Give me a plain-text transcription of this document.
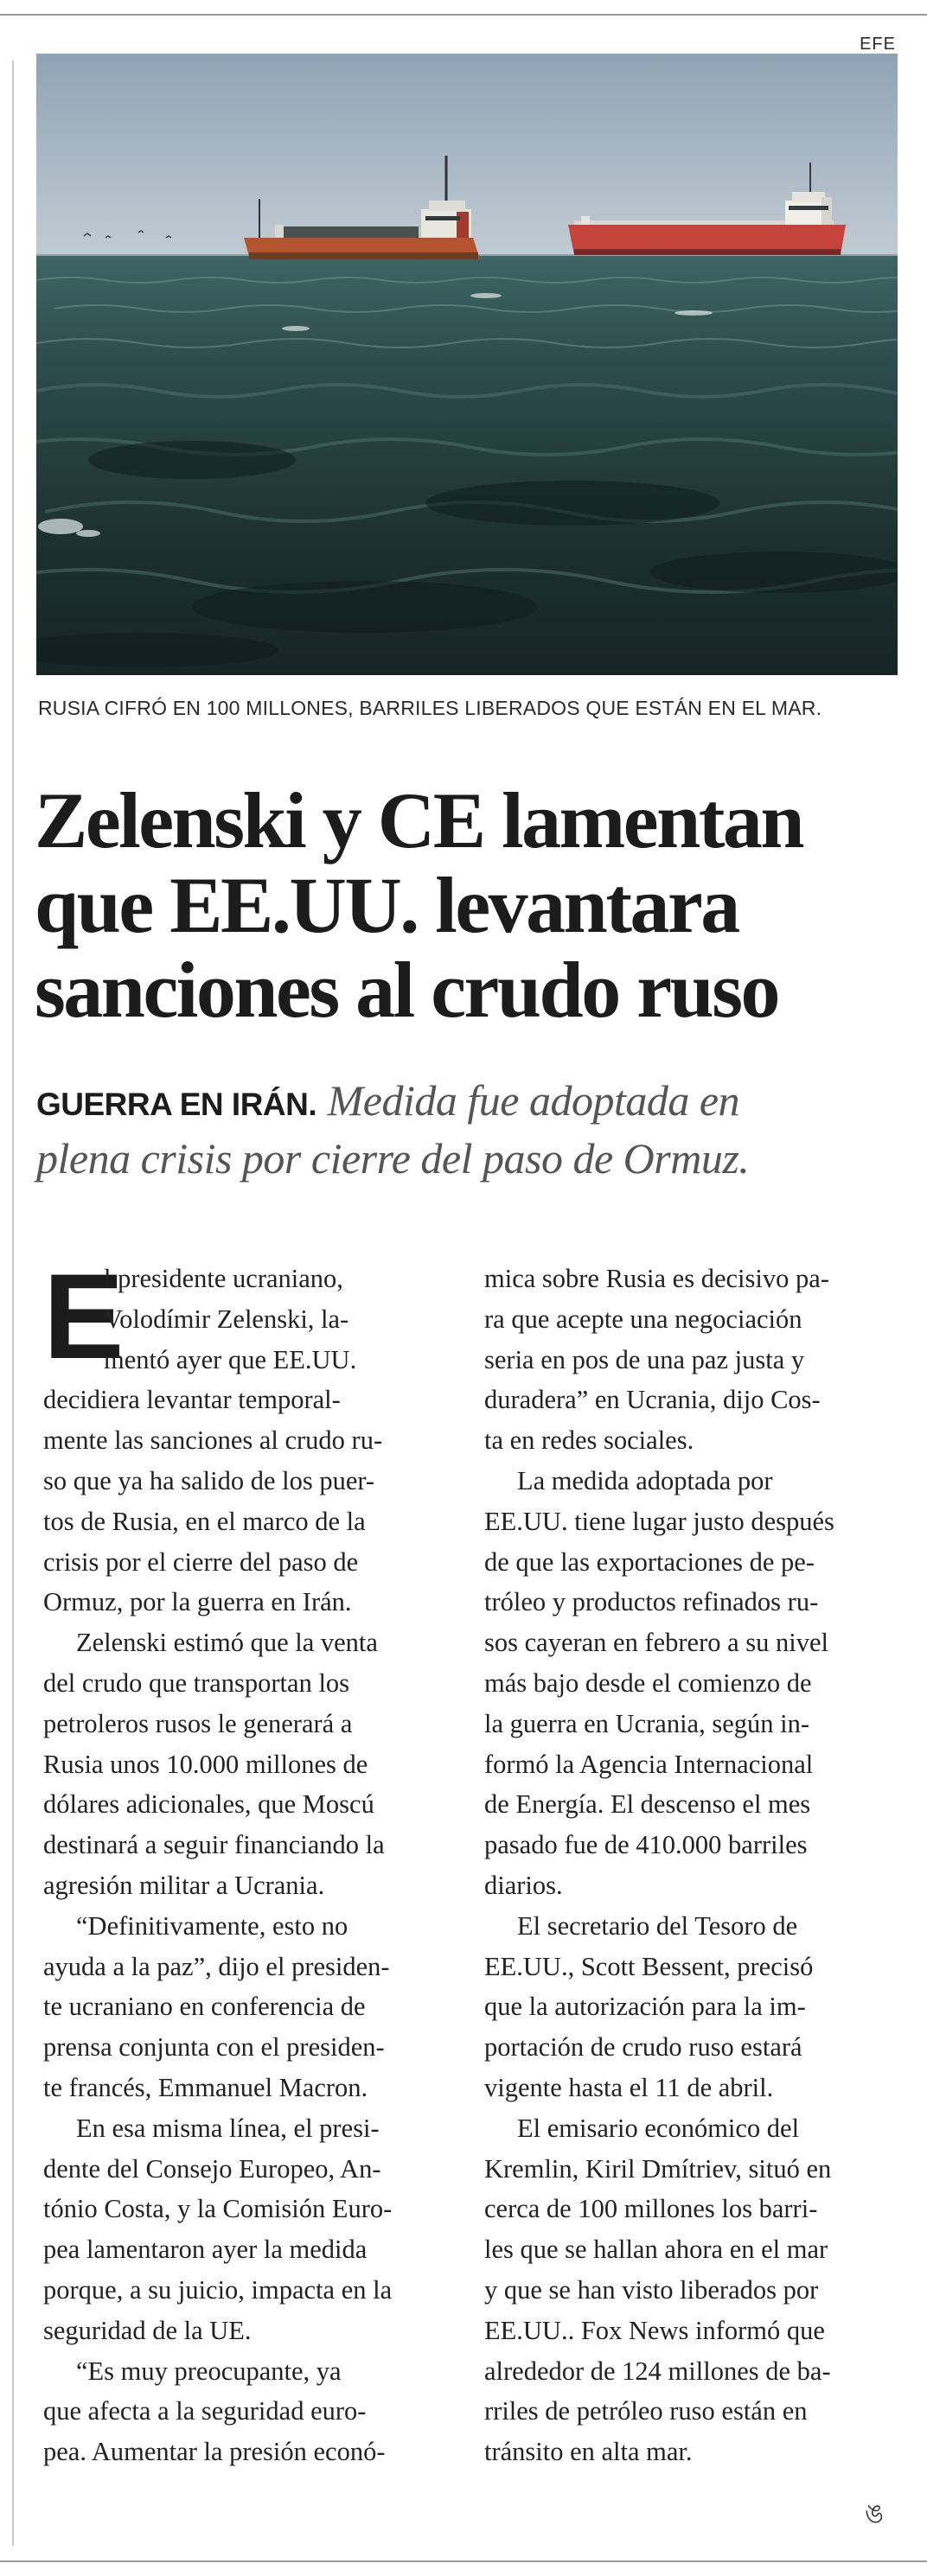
EFE
RUSIA CIFRÓ EN 100 MILLONES, BARRILES LIBERADOS QUE ESTÁN EN EL MAR.
Zelenski y CE lamentan
que EE.UU. levantara
sanciones al crudo ruso
GUERRA EN IRÁN. Medida fue adoptada en
plena crisis por cierre del paso de Ormuz.

E
l presidente ucraniano,
Volodímir Zelenski, la-
mentó ayer que EE.UU.
decidiera levantar temporal-
mente las sanciones al crudo ru-
so que ya ha salido de los puer-
tos de Rusia, en el marco de la
crisis por el cierre del paso de
Ormuz, por la guerra en Irán.

Zelenski estimó que la venta
del crudo que transportan los
petroleros rusos le generará a
Rusia unos 10.000 millones de
dólares adicionales, que Moscú
destinará a seguir financiando la
agresión militar a Ucrania.

“Definitivamente, esto no
ayuda a la paz”, dijo el presiden-
te ucraniano en conferencia de
prensa conjunta con el presiden-
te francés, Emmanuel Macron.

En esa misma línea, el presi-
dente del Consejo Europeo, An-
tónio Costa, y la Comisión Euro-
pea lamentaron ayer la medida
porque, a su juicio, impacta en la
seguridad de la UE.

“Es muy preocupante, ya
que afecta a la seguridad euro-
pea. Aumentar la presión econó-

mica sobre Rusia es decisivo pa-
ra que acepte una negociación
seria en pos de una paz justa y
duradera” en Ucrania, dijo Cos-
ta en redes sociales.

La medida adoptada por
EE.UU. tiene lugar justo después
de que las exportaciones de pe-
tróleo y productos refinados ru-
sos cayeran en febrero a su nivel
más bajo desde el comienzo de
la guerra en Ucrania, según in-
formó la Agencia Internacional
de Energía. El descenso el mes
pasado fue de 410.000 barriles
diarios.

El secretario del Tesoro de
EE.UU., Scott Bessent, precisó
que la autorización para la im-
portación de crudo ruso estará
vigente hasta el 11 de abril.

El emisario económico del
Kremlin, Kiril Dmítriev, situó en
cerca de 100 millones los barri-
les que se hallan ahora en el mar
y que se han visto liberados por
EE.UU.. Fox News informó que
alrededor de 124 millones de ba-
rriles de petróleo ruso están en
tránsito en alta mar.

ঙ
